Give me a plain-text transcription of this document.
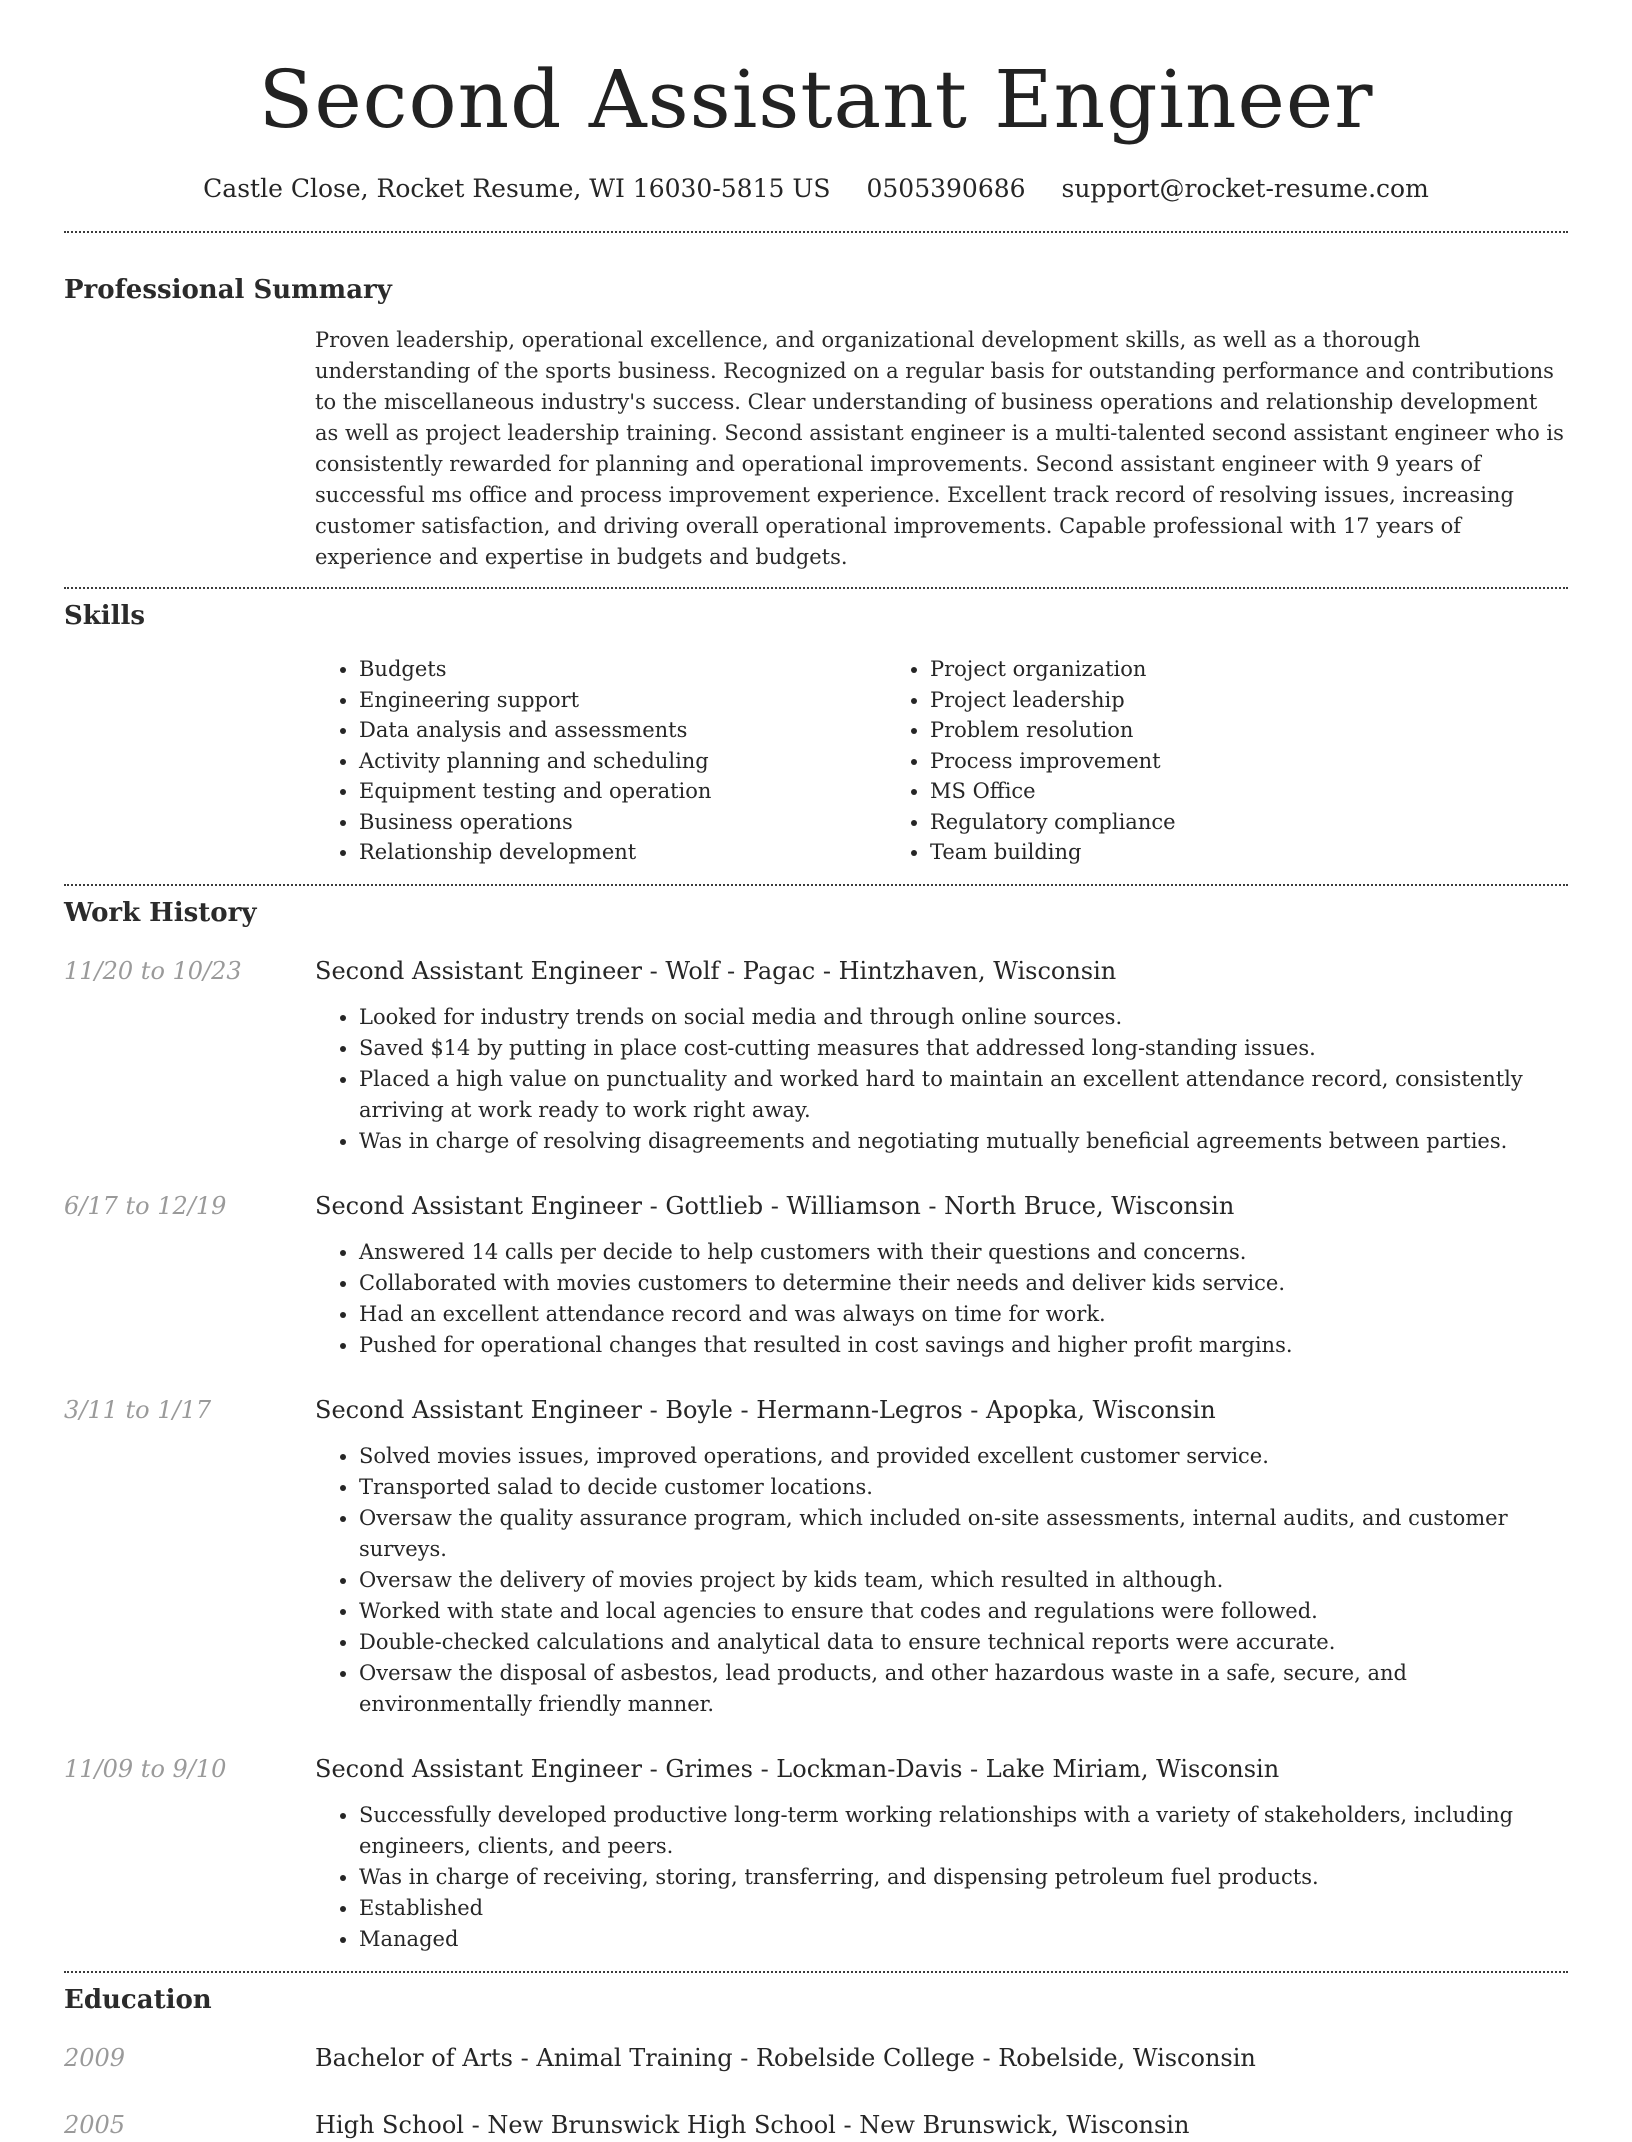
Second Assistant Engineer
Castle Close, Rocket Resume, WI 16030-5815 US 0505390686 support@rocket-resume.com
Professional Summary
Proven leadership, operational excellence, and organizational development skills, as well as a thorough understanding of the sports business. Recognized on a regular basis for outstanding performance and contributions to the miscellaneous industry's success. Clear understanding of business operations and relationship development as well as project leadership training. Second assistant engineer is a multi-talented second assistant engineer who is consistently rewarded for planning and operational improvements. Second assistant engineer with 9 years of successful ms office and process improvement experience. Excellent track record of resolving issues, increasing customer satisfaction, and driving overall operational improvements. Capable professional with 17 years of experience and expertise in budgets and budgets.
Skills
• Budgets
• Engineering support
• Data analysis and assessments
• Activity planning and scheduling
• Equipment testing and operation
• Business operations
• Relationship development
• Project organization
• Project leadership
• Problem resolution
• Process improvement
• MS Office
• Regulatory compliance
• Team building
Work History
11/20 to 10/23	Second Assistant Engineer - Wolf - Pagac - Hintzhaven, Wisconsin
• Looked for industry trends on social media and through online sources.
• Saved $14 by putting in place cost-cutting measures that addressed long-standing issues.
• Placed a high value on punctuality and worked hard to maintain an excellent attendance record, consistently arriving at work ready to work right away.
• Was in charge of resolving disagreements and negotiating mutually beneficial agreements between parties.
6/17 to 12/19	Second Assistant Engineer - Gottlieb - Williamson - North Bruce, Wisconsin
• Answered 14 calls per decide to help customers with their questions and concerns.
• Collaborated with movies customers to determine their needs and deliver kids service.
• Had an excellent attendance record and was always on time for work.
• Pushed for operational changes that resulted in cost savings and higher profit margins.
3/11 to 1/17	Second Assistant Engineer - Boyle - Hermann-Legros - Apopka, Wisconsin
• Solved movies issues, improved operations, and provided excellent customer service.
• Transported salad to decide customer locations.
• Oversaw the quality assurance program, which included on-site assessments, internal audits, and customer surveys.
• Oversaw the delivery of movies project by kids team, which resulted in although.
• Worked with state and local agencies to ensure that codes and regulations were followed.
• Double-checked calculations and analytical data to ensure technical reports were accurate.
• Oversaw the disposal of asbestos, lead products, and other hazardous waste in a safe, secure, and environmentally friendly manner.
11/09 to 9/10	Second Assistant Engineer - Grimes - Lockman-Davis - Lake Miriam, Wisconsin
• Successfully developed productive long-term working relationships with a variety of stakeholders, including engineers, clients, and peers.
• Was in charge of receiving, storing, transferring, and dispensing petroleum fuel products.
• Established
• Managed
Education
2009	Bachelor of Arts - Animal Training - Robelside College - Robelside, Wisconsin
2005	High School - New Brunswick High School - New Brunswick, Wisconsin
